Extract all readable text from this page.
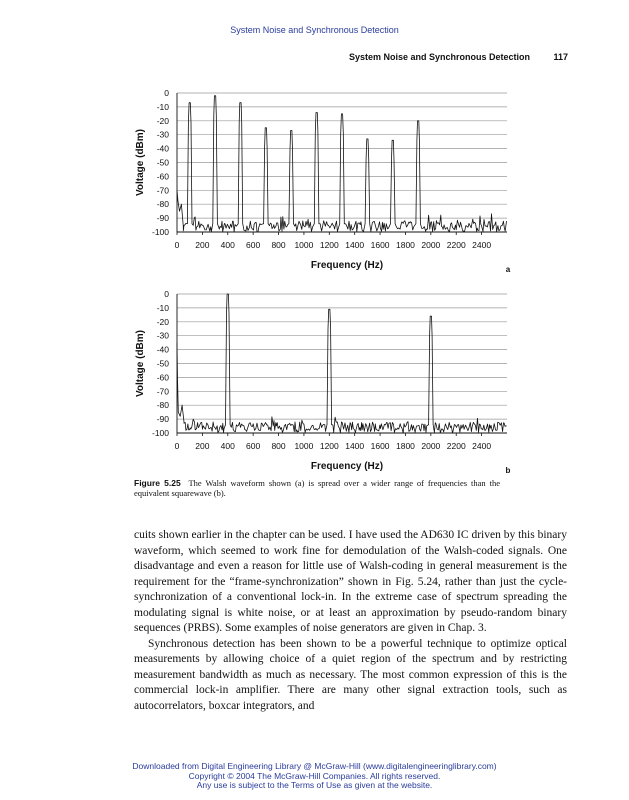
System Noise and Synchronous Detection
System Noise and Synchronous Detection	117
0
-10
-20
-30
-40
-50
-60
-70
-80
-90
-100
0 200 400 600 800 1000 1200 1400 1600 1800 2000 2200 2400
Frequency (Hz)
Voltage (dBm)
a
0
-10
-20
-30
-40
-50
-60
-70
-80
-90
-100
0 200 400 600 800 1000 1200 1400 1600 1800 2000 2200 2400
Frequency (Hz)
Voltage (dBm)
b
Figure 5.25 The Walsh waveform shown (a) is spread over a wider range of frequencies than the equivalent squarewave (b).

cuits shown earlier in the chapter can be used. I have used the AD630 IC driven by this binary waveform, which seemed to work fine for demodulation of the Walsh-coded signals. One disadvantage and even a reason for little use of Walsh-coding in general measurement is the requirement for the “frame-synchronization” shown in Fig. 5.24, rather than just the cycle-synchronization of a conventional lock-in. In the extreme case of spectrum spreading the modulating signal is white noise, or at least an approximation by pseudo-random binary sequences (PRBS). Some examples of noise generators are given in Chap. 3.

Synchronous detection has been shown to be a powerful technique to optimize optical measurements by allowing choice of a quiet region of the spectrum and by restricting measurement bandwidth as much as necessary. The most common expression of this is the commercial lock-in amplifier. There are many other signal extraction tools, such as autocorrelators, boxcar integrators, and

Downloaded from Digital Engineering Library @ McGraw-Hill (www.digitalengineeringlibrary.com)
Copyright © 2004 The McGraw-Hill Companies. All rights reserved.
Any use is subject to the Terms of Use as given at the website.
